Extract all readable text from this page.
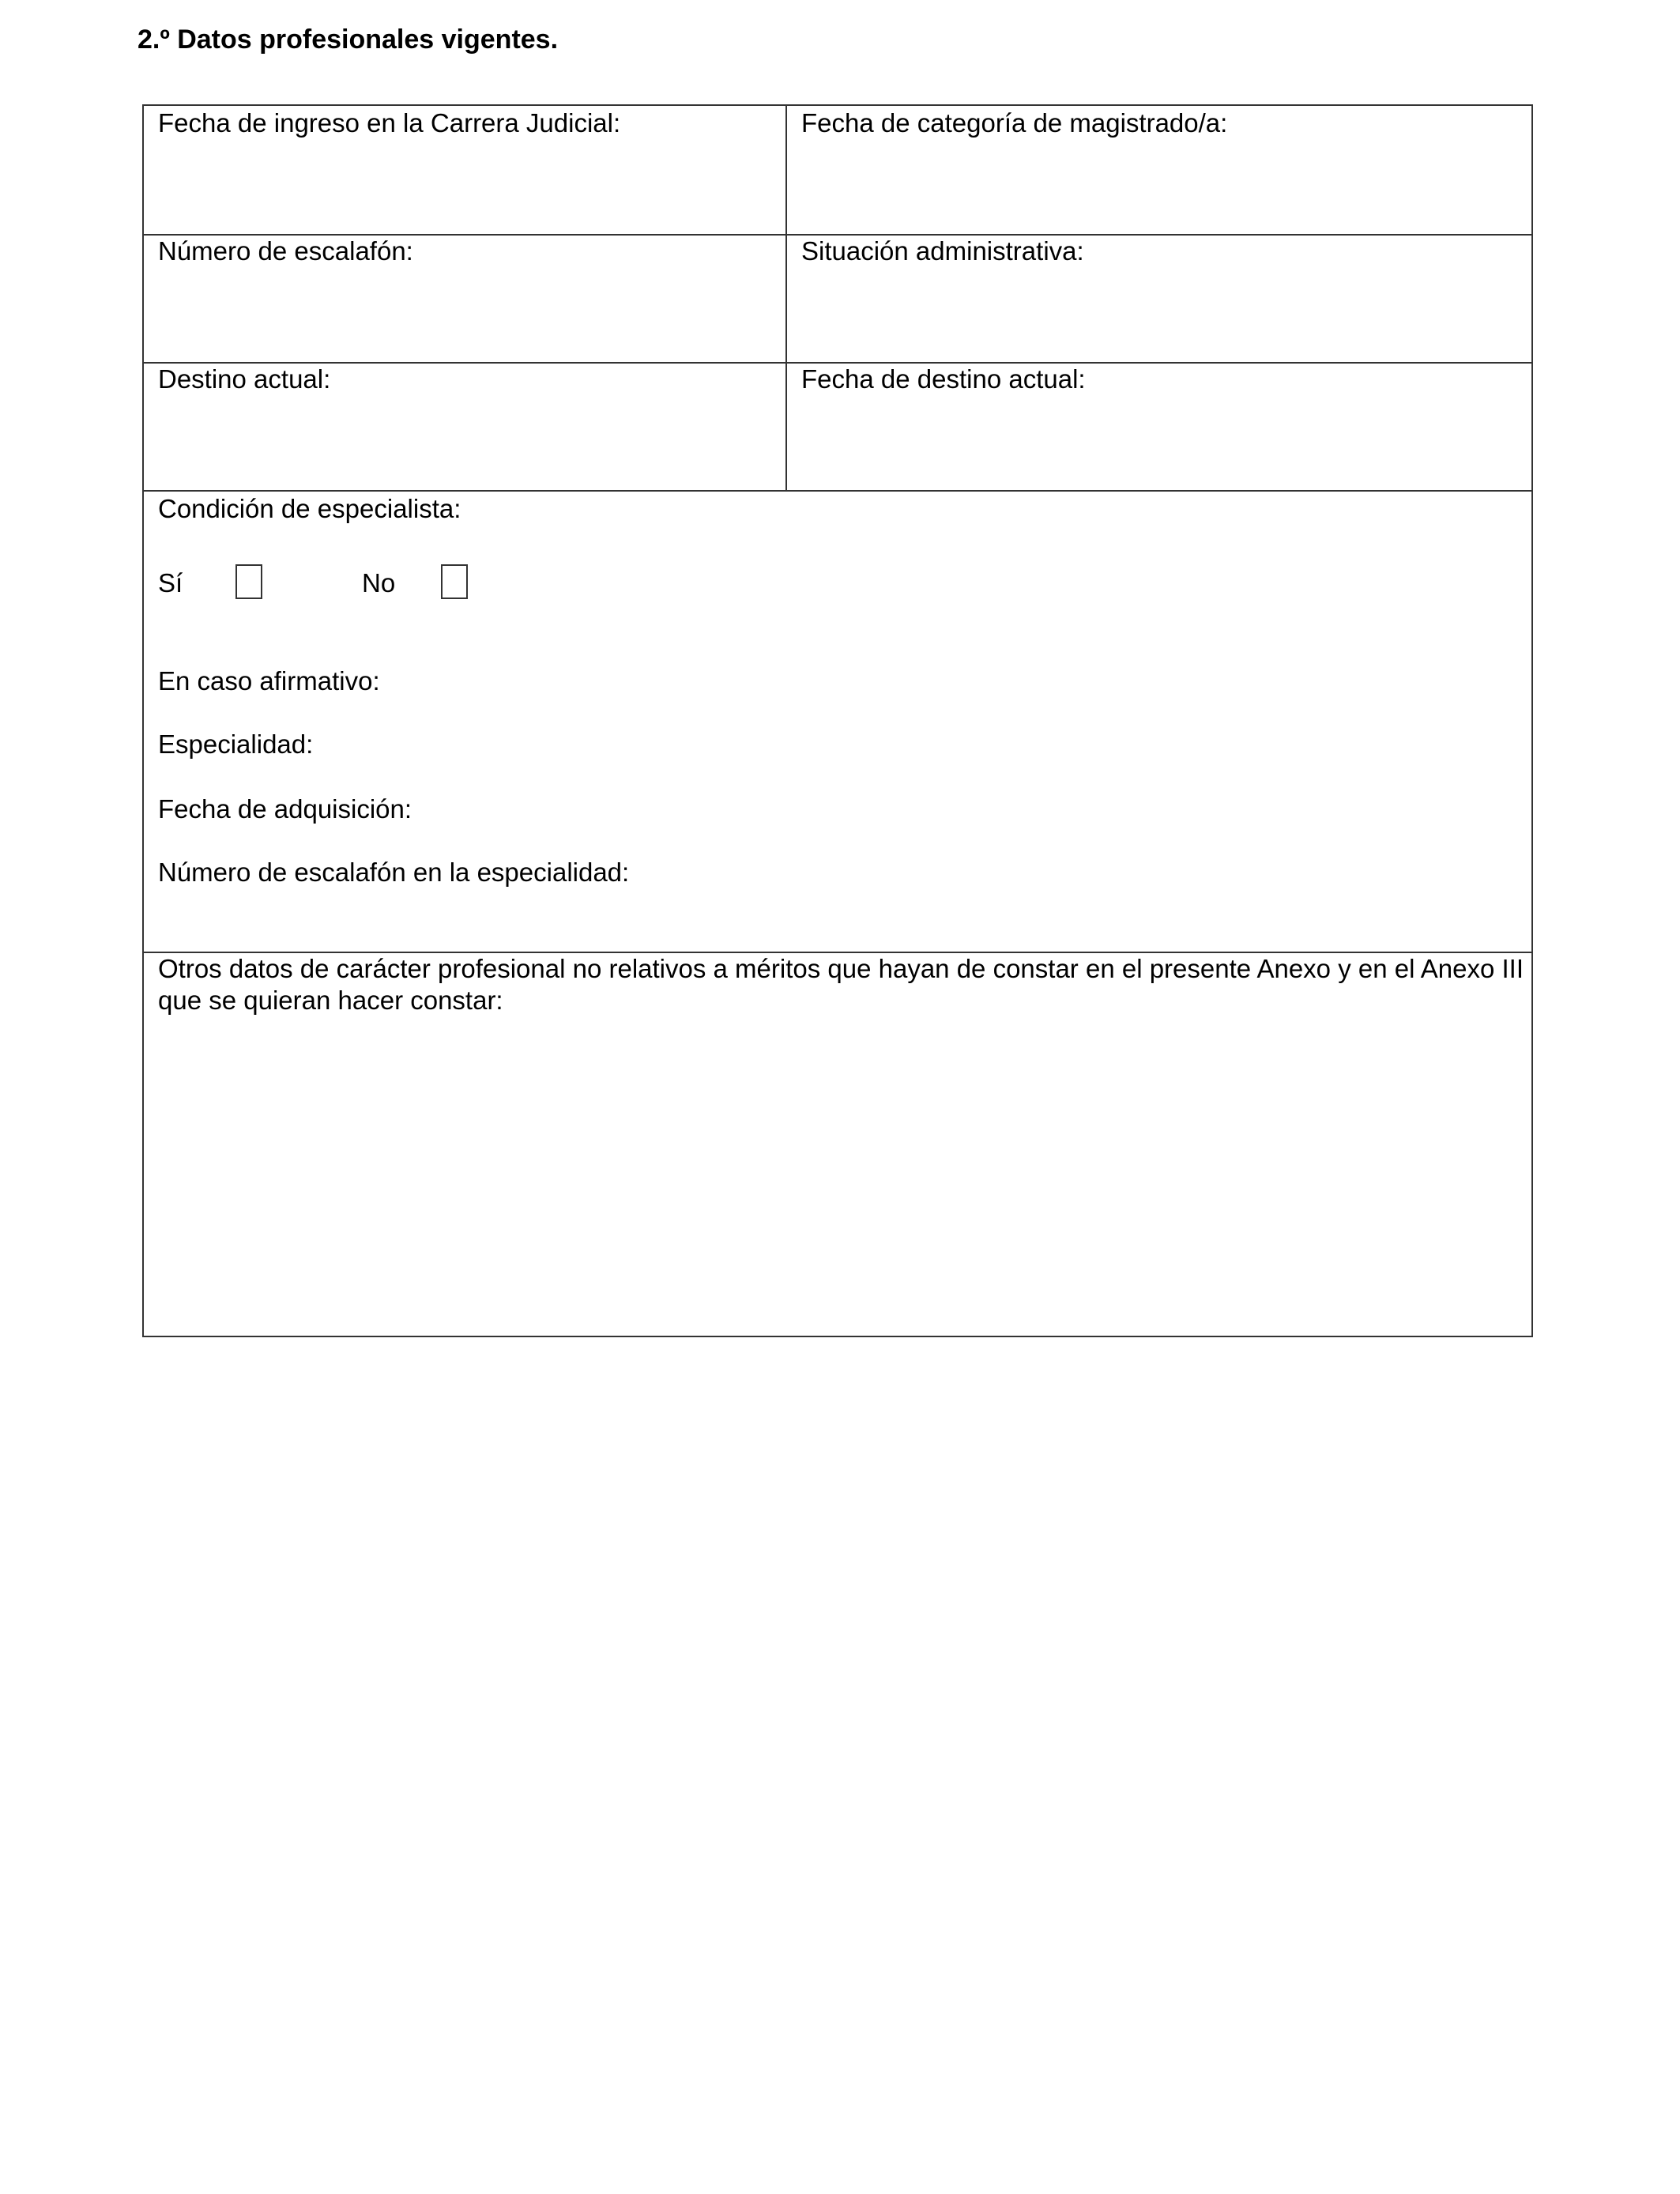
2.º Datos profesionales vigentes.
Fecha de ingreso en la Carrera Judicial:	Fecha de categoría de magistrado/a:
Número de escalafón:	Situación administrativa:
Destino actual:	Fecha de destino actual:
Condición de especialista:
Sí	No
En caso afirmativo:
Especialidad:
Fecha de adquisición:
Número de escalafón en la especialidad:
Otros datos de carácter profesional no relativos a méritos que hayan de constar en el presente Anexo y en el Anexo III que se quieran hacer constar:
